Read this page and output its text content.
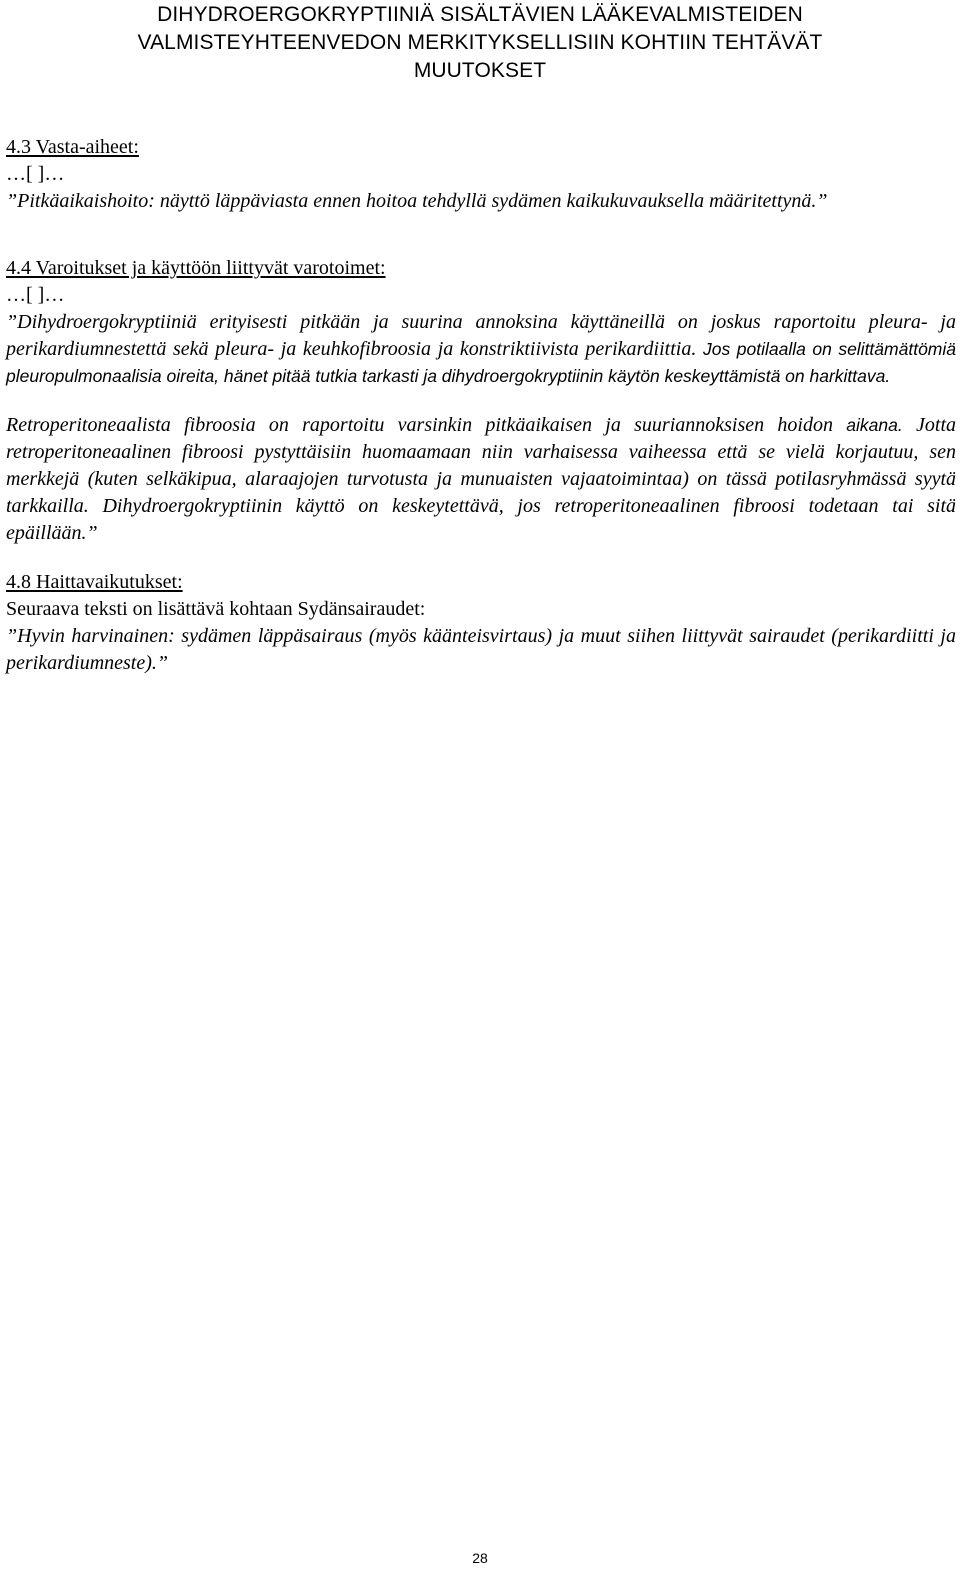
DIHYDROERGOKRYPTIINIÄ SISÄLTÄVIEN LÄÄKEVALMISTEIDEN
VALMISTEYHTEENVEDON MERKITYKSELLISIIN KOHTIIN TEHTÄVÄT
MUUTOKSET
4.3 Vasta-aiheet:
…[ ]…

”Pitkäaikaishoito: näyttö läppäviasta ennen hoitoa tehdyllä sydämen kaikukuvauksella määritettynä.”

4.4 Varoitukset ja käyttöön liittyvät varotoimet:
…[ ]…

”Dihydroergokryptiiniä erityisesti pitkään ja suurina annoksina käyttäneillä on joskus raportoitu pleura- ja perikardiumnestettä sekä pleura- ja keuhkofibroosia ja konstriktiivista perikardiittia. Jos potilaalla on selittämättömiä pleuropulmonaalisia oireita, hänet pitää tutkia tarkasti ja dihydroergokryptiinin käytön keskeyttämistä on harkittava.

Retroperitoneaalista fibroosia on raportoitu varsinkin pitkäaikaisen ja suuriannoksisen hoidon aikana. Jotta retroperitoneaalinen fibroosi pystyttäisiin huomaamaan niin varhaisessa vaiheessa että se vielä korjautuu, sen merkkejä (kuten selkäkipua, alaraajojen turvotusta ja munuaisten vajaatoimintaa) on tässä potilasryhmässä syytä tarkkailla. Dihydroergokryptiinin käyttö on keskeytettävä, jos retroperitoneaalinen fibroosi todetaan tai sitä epäillään.”

4.8 Haittavaikutukset:
Seuraava teksti on lisättävä kohtaan Sydänsairaudet:

”Hyvin harvinainen: sydämen läppäsairaus (myös käänteisvirtaus) ja muut siihen liittyvät sairaudet (perikardiitti ja perikardiumneste).”

28
